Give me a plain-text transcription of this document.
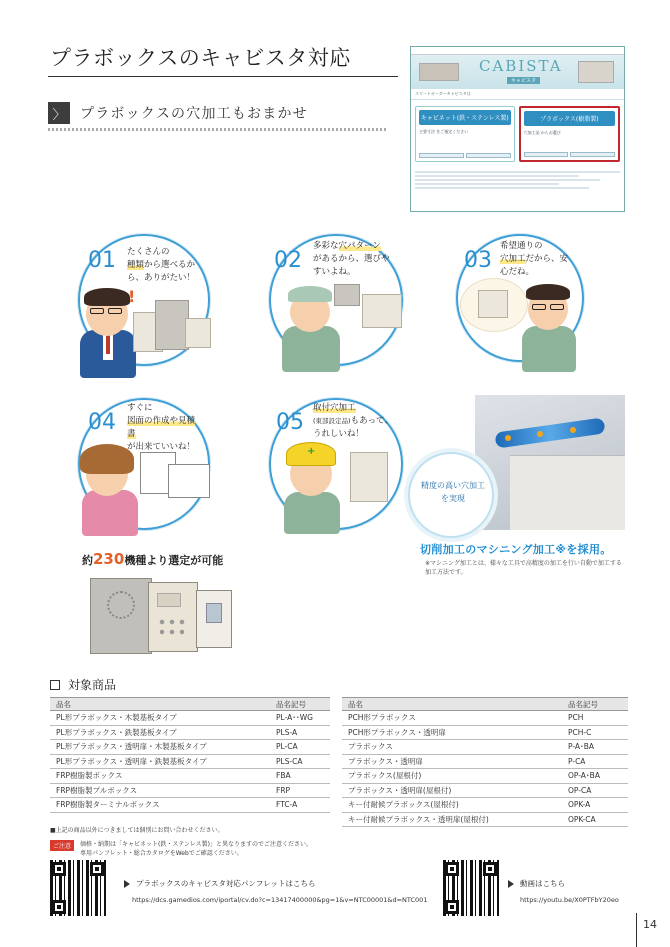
プラボックスのキャビスタ対応
〉	プラボックスの穴加工もおまかせ
CABISTA
キャビスタ
スマートオーダーキャビスタは
キャビネット(鉄・ステンレス製)
主要寸法 をご指定ください
プラボックス(樹脂製)
穴加工品 からお選び
01 たくさんの
種類から選べるから、ありがたい！
!
02
多彩な穴パターン
があるから、選びやすいよね。	03
希望通りの
穴加工だから、安心だね。
04
すぐに
図面の作成や見積書
が出来ていいね！
05
取付穴加工
(東部設定品)もあって、うれしいね！
+
精度の高い穴加工を実現
切削加工のマシニング加工※を採用。
※マシニング加工とは、様々な工具で高精度の加工を行い自動で加工する加工方法です。
約230機種より選定が可能
対象商品
品名	品名記号
PL形プラボックス・木製基板タイプ	PL-A･･WG
PL形プラボックス・鉄製基板タイプ	PLS-A
PL形プラボックス・透明扉・木製基板タイプ	PL-CA
PL形プラボックス・透明扉・鉄製基板タイプ	PLS-CA
FRP樹脂製ボックス	FBA
FRP樹脂製プルボックス	FRP
FRP樹脂製ターミナルボックス	FTC-A
品名	品名記号
PCH形プラボックス	PCH
PCH形プラボックス・透明扉	PCH-C
プラボックス	P-A･BA
プラボックス・透明扉	P-CA
プラボックス(屋根付)	OP-A･BA
プラボックス・透明扉(屋根付)	OP-CA
キー付耐候プラボックス(屋根付)	OPK-A
キー付耐候プラボックス・透明扉(屋根付)	OPK-CA
■上記の商品以外につきましては個別にお問い合わせください。
ご注意	価格・納期は「キャビネット(鉄・ステンレス製)」と異なりますのでご注意ください。
専用パンフレット・総合カタログをWebでご確認ください。
プラボックスのキャビスタ対応パンフレットはこちら
https://dcs.gamedios.com/iportal/cv.do?c=13417400000&pg=1&v=NTC00001&d=NTC001
動画はこちら
https://youtu.be/X0PTFbY20eo
14
